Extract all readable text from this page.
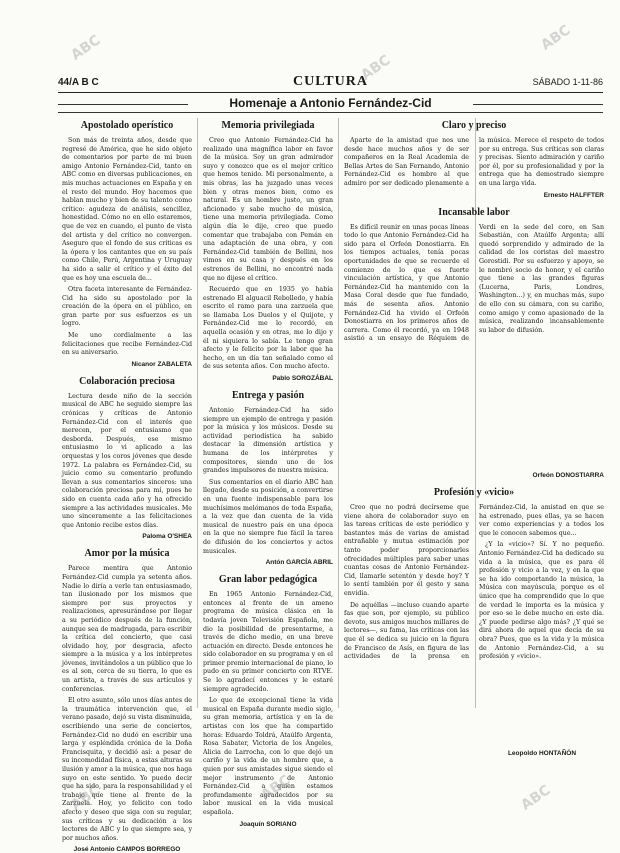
44/A B C	CULTURA	SÁBADO 1-11-86
Homenaje a Antonio Fernández-Cid
Apostolado operístico

Son más de treinta años, desde que regresé de América, que he sido objeto de comentarios por parte de mi buen amigo Antonio Fernández-Cid, tanto en ABC como en diversas publicaciones, en mis muchas actuaciones en España y en el resto del mundo. Hoy hacemos que hablan mucho y bien de su talento como crítico: agudeza de análisis, sencillez, honestidad. Cómo no en ello estaremos, que de vez en cuando, el punto de vista del artista y del crítico no convergen. Aseguro que el fondo de sus críticas es la ópera y los cantantes que en su país como Chile, Perú, Argentina y Uruguay ha sido a salir el crítico y el éxito del que es hoy una escuela de...

Otra faceta interesante de Fernández-Cid ha sido su apostolado por la creación de la ópera en el público, en gran parte por sus esfuerzos es un logro.

Me uno cordialmente a las felicitaciones que recibe Fernández-Cid en su aniversario.

Nicanor ZABALETA
Colaboración preciosa

Lectura desde niño de la sección musical de ABC he seguido siempre las crónicas y críticas de Antonio Fernández-Cid con el interés que merecen, por el entusiasmo que desborda. Después, ese mismo entusiasmo lo vi aplicado a las orquestas y los coros jóvenes que desde 1972. La palabra es Fernández-Cid, su juicio como su comentario profundo llevan a sus comentarios sinceros: una colaboración preciosa para mí, pues he sido en cuenta cada año y ha ofrecido siempre a las actividades musicales. Me uno sinceramente a las felicitaciones que Antonio recibe estos días.

Paloma O'SHEA
Amor por la música

Parece mentira que Antonio Fernández-Cid cumpla ya setenta años. Nadie lo diría a verle tan entusiasmado, tan ilusionado por los mismos que siempre por sus proyectos y realizaciones, apresurándose por llegar a su periódico después de la función, aunque sea de madrugada, para escribir la crítica del concierto, que casi olvidado hoy, por desgracia, afecto siempre a la música y a los intérpretes jóvenes, invitándolos a un público que lo es al son, cerca de su tierra, lo que es un artista, a través de sus artículos y conferencias.

El otro asunto, sólo unos días antes de la traumática intervención que, el verano pasado, dejó su vista disminuida, escribiendo una serie de conciertos, Fernández-Cid no dudó en escribir una larga y espléndida crónica de la Doña Francisquita, y decidió así: a pesar de su incomodidad física, a estas alturas su ilusión y amor a la música, que nos haga suyo en este sentido. Yo puedo decir que ha sido, para la responsabilidad y el trabajo que tiene al frente de la Zarzuela. Hoy, yo felicito con todo afecto y deseo que siga con su regular, sus críticas y su dedicación a los lectores de ABC y lo que siempre sea, y por muchos años.

José Antonio CAMPOS BORREGO
Memoria privilegiada

Creo que Antonio Fernández-Cid ha realizado una magnífica labor en favor de la música. Soy un gran admirador suyo y conozco que es el mejor crítico que hemos tenido. Mi personalmente, a mis obras, las ha juzgado unas veces bien y otras menos bien, como es natural. Es un hombre justo, un gran aficionado y sabe mucho de música, tiene una memoria privilegiada. Como algún día le dije, creo que puedo comentar que trabajaba con Pemán en una adaptación de una obra, y con Fernández-Cid también de Bellini, nos vimos en su casa y después en los estrenos de Bellini, no encontré nada que no dijese el crítico.

Recuerdo que en 1935 yo había estrenado El alguacil Rebolledo, y había escrito el ramo para una zarzuela que se llamaba Los Duelos y el Quijote, y Fernández-Cid me lo recordó, en aquella ocasión y en otras, me lo dijo y él ni siquiera lo sabía. Le tengo gran afecto y le felicito por la labor que ha hecho, en un día tan señalado como el de sus setenta años. Con mucho afecto.

Pablo SOROZÁBAL
Entrega y pasión

Antonio Fernández-Cid ha sido siempre un ejemplo de entrega y pasión por la música y los músicos. Desde su actividad periodística ha sabido destacar la dimensión artística y humana de los intérpretes y compositores, siendo uno de los grandes impulsores de nuestra música.

Sus comentarios en el diario ABC han llegado, desde su posición, a convertirse en una fuente indispensable para los muchísimos melómanos de toda España, a la vez que dan cuenta de la vida musical de nuestro país en una época en la que no siempre fue fácil la tarea de difusión de los conciertos y actos musicales.

Antón GARCÍA ABRIL
Gran labor pedagógica

En 1965 Antonio Fernández-Cid, entonces al frente de un ameno programa de música clásica en la todavía joven Televisión Española, me dio la posibilidad de presentarme, a través de dicho medio, en una breve actuación en directo. Desde entonces he sido colaborador en su programa y en el primer premio internacional de piano, lo pudo en su primer concierto con RTVE. Se lo agradecí entonces y le estaré siempre agradecido.

Lo que de excepcional tiene la vida musical en España durante medio siglo, su gran memoria, artística y en la de artistas con los que ha compartido horas: Eduardo Toldrá, Ataúlfo Argenta, Rosa Sabater, Victoria de los Ángeles, Alicia de Larrocha, con lo que dejó un cariño y la vida de un hombre que, a quien por sus amistades sigue siendo el mejor instrumento de Antonio Fernández-Cid a quien estamos profundamente agradecidos por su labor musical en la vida musical española.

Joaquín SORIANO
Claro y preciso

Aparte de la amistad que nos une desde hace muchos años y de ser compañeros en la Real Academia de Bellas Artes de San Fernando, Antonio Fernández-Cid es hombre al que admiro por ser dedicado plenamente a la música. Merece el respeto de todos por su entrega. Sus críticas son claras y precisas. Siento admiración y cariño por él, por su profesionalidad y por la entrega que ha demostrado siempre en una larga vida.

Ernesto HALFFTER
Incansable labor

Es difícil reunir en unas pocas líneas todo lo que Antonio Fernández-Cid ha sido para el Orfeón Donostiarra. En los tiempos actuales, tenía pocas oportunidades de que se recuerde el comienzo de lo que es fuerte vinculación artística, y que Antonio Fernández-Cid ha mantenido con la Masa Coral desde que fue fundado, más de sesenta años. Antonio Fernández-Cid ha vivido el Orfeón Donostiarra en los primeros años de carrera. Como él recordó, ya en 1948 asistió a un ensayo de Réquiem de Verdi en la sede del coro, en San Sebastián, con Ataúlfo Argenta; allí quedó sorprendido y admirado de la calidad de los coristas del maestro Gorostidi. Por su esfuerzo y apoyo, se le nombró socio de honor, y el cariño que tiene a las grandes figuras (Lucerna, Paris, Londres, Washington...) y, en muchas más, supo de ello con su cámara, con su cariño, como amigo y como apasionado de la música, realizando incansablemente su labor de difusión.

Orfeón DONOSTIARRA
Profesión y «vicio»

Creo que no podrá decírseme que viene ahora de colaborador suyo en las tareas críticas de este periódico y bastantes más de varias de amistad entrañable y mutua estimación por tanto poder proporcionarles ofrecidades múltiples para saber unas cuantas cosas de Antonio Fernández-Cid, llamarle setentón y desde hoy? Y lo sentí también por él gesto y sana envidia.

De aquéllas —incluso cuando aparte fas que son, por ejemplo, su público devoto, sus amigos muchos millares de lectores—, su fama, las críticas con las que él se dedica su juicio en la figura de Francisco de Asís, en figura de las actividades de la prensa en Fernández-Cid, la amistad en que se ha estrenado, pues ellas, ya se hacen ver como experiencias y a todos los que le conocen sabemos que...

¿Y la «vicio»? Sí. Y no pequeño. Antonio Fernández-Cid ha dedicado su vida a la música, que es para él profesión y vicio a la vez, y en la que se ha ido comportando la música, la Música con mayúscula, porque es el único que ha comprendido que lo que de verdad le importa es la música y por eso se le debe mucho en este día. ¿Y puede pedirse algo más? ¿Y qué se dirá ahora de aquel que decía de su obra? Pues, que es la vida y la música de Antonio Fernández-Cid, a su profesión y «vicio».

Leopoldo HONTAÑÓN
ABC
ABC
ABC
ABC	ABC	ABC
